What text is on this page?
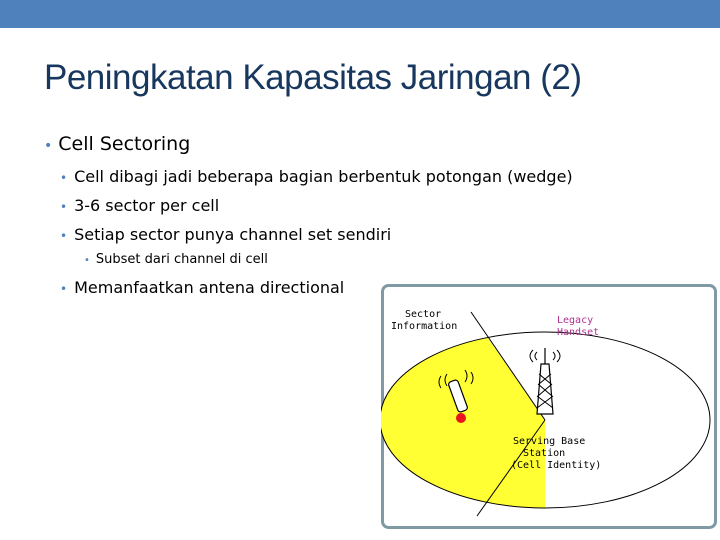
Peningkatan Kapasitas Jaringan (2)
• Cell Sectoring
• Cell dibagi jadi beberapa bagian berbentuk potongan (wedge)
• 3-6 sector per cell
• Setiap sector punya channel set sendiri
• Subset dari channel di cell
• Memanfaatkan antena directional
Sector
Information
Legacy
Handset
Serving Base
Station
(Cell Identity)
